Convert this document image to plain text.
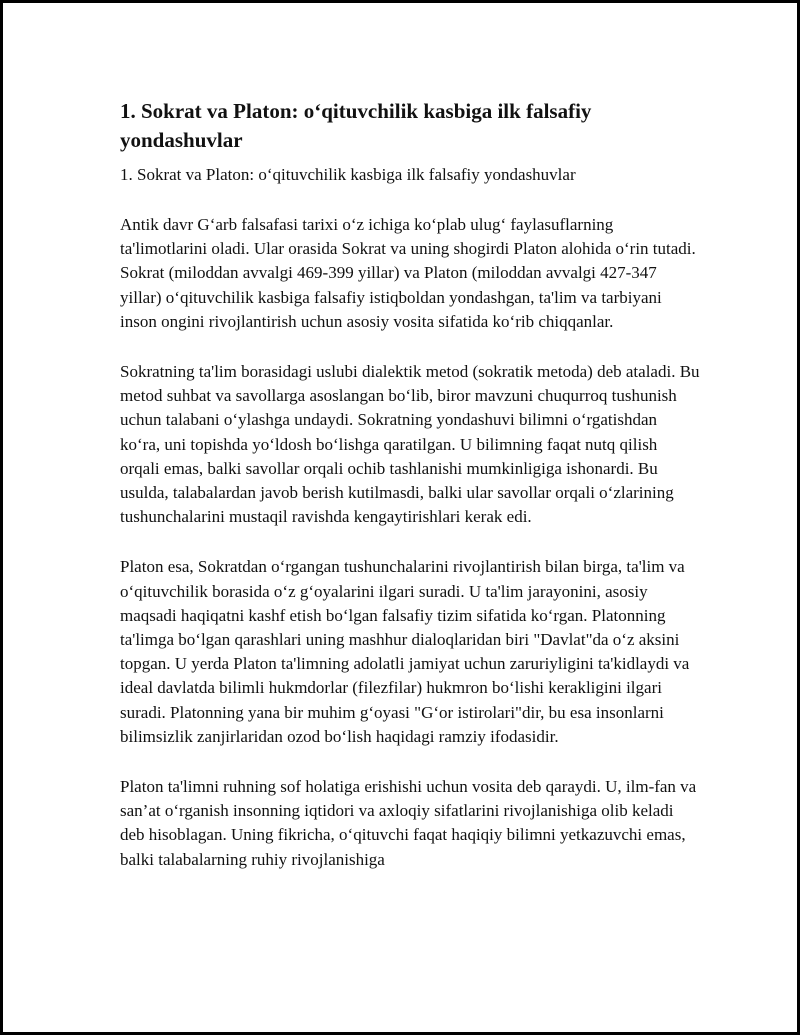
1. Sokrat va Platon: o‘qituvchilik kasbiga ilk falsafiy yondashuvlar

1. Sokrat va Platon: o‘qituvchilik kasbiga ilk falsafiy yondashuvlar

Antik davr G‘arb falsafasi tarixi o‘z ichiga ko‘plab ulug‘ faylasuflarning ta'limotlarini oladi. Ular orasida Sokrat va uning shogirdi Platon alohida o‘rin tutadi. Sokrat (miloddan avvalgi 469-399 yillar) va Platon (miloddan avvalgi 427-347 yillar) o‘qituvchilik kasbiga falsafiy istiqboldan yondashgan, ta'lim va tarbiyani inson ongini rivojlantirish uchun asosiy vosita sifatida ko‘rib chiqqanlar.

Sokratning ta'lim borasidagi uslubi dialektik metod (sokratik metoda) deb ataladi. Bu metod suhbat va savollarga asoslangan bo‘lib, biror mavzuni chuqurroq tushunish uchun talabani o‘ylashga undaydi. Sokratning yondashuvi bilimni o‘rgatishdan ko‘ra, uni topishda yo‘ldosh bo‘lishga qaratilgan. U bilimning faqat nutq qilish orqali emas, balki savollar orqali ochib tashlanishi mumkinligiga ishonardi. Bu usulda, talabalardan javob berish kutilmasdi, balki ular savollar orqali o‘zlarining tushunchalarini mustaqil ravishda kengaytirishlari kerak edi.

Platon esa, Sokratdan o‘rgangan tushunchalarini rivojlantirish bilan birga, ta'lim va o‘qituvchilik borasida o‘z g‘oyalarini ilgari suradi. U ta'lim jarayonini, asosiy maqsadi haqiqatni kashf etish bo‘lgan falsafiy tizim sifatida ko‘rgan. Platonning ta'limga bo‘lgan qarashlari uning mashhur dialoqlaridan biri "Davlat"da o‘z aksini topgan. U yerda Platon ta'limning adolatli jamiyat uchun zaruriyligini ta'kidlaydi va ideal davlatda bilimli hukmdorlar (filezfilar) hukmron bo‘lishi kerakligini ilgari suradi. Platonning yana bir muhim g‘oyasi "G‘or istirolari"dir, bu esa insonlarni bilimsizlik zanjirlaridan ozod bo‘lish haqidagi ramziy ifodasidir.

Platon ta'limni ruhning sof holatiga erishishi uchun vosita deb qaraydi. U, ilm-fan va san’at o‘rganish insonning iqtidori va axloqiy sifatlarini rivojlanishiga olib keladi deb hisoblagan. Uning fikricha, o‘qituvchi faqat haqiqiy bilimni yetkazuvchi emas, balki talabalarning ruhiy rivojlanishiga
